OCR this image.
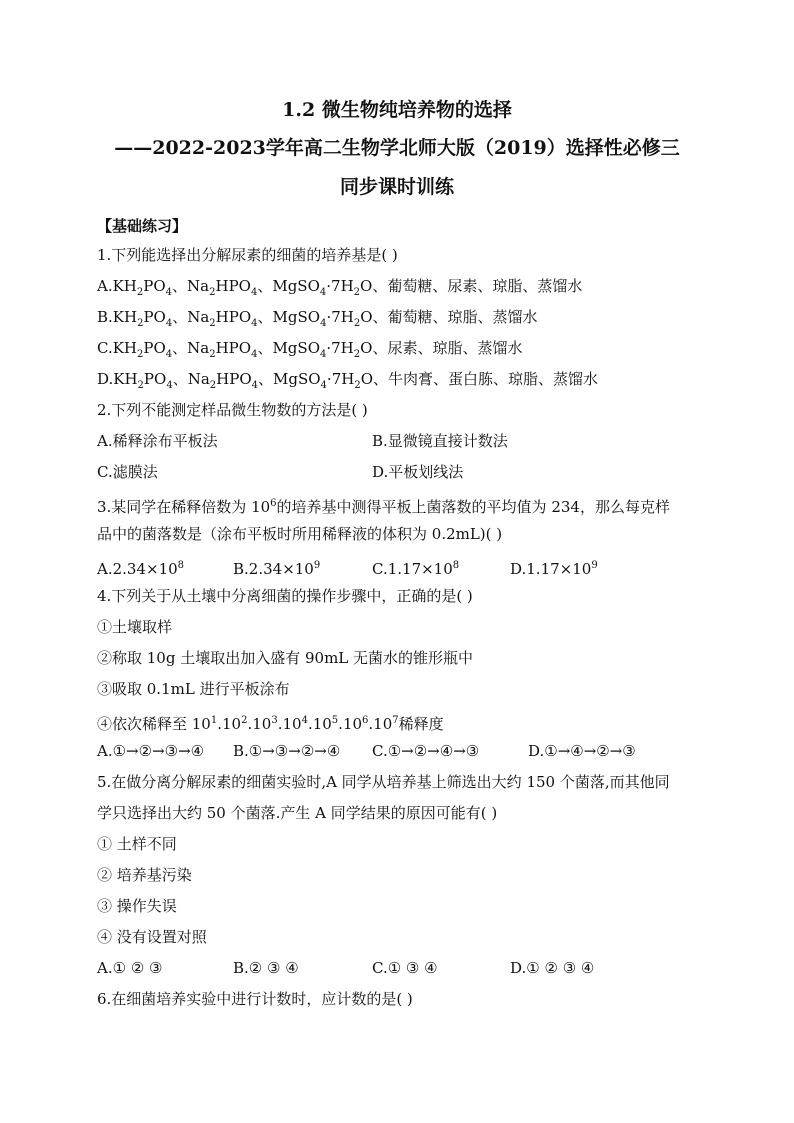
1.2 微生物纯培养物的选择
——2022-2023学年高二生物学北师大版（2019）选择性必修三
同步课时训练
【基础练习】
1.下列能选择出分解尿素的细菌的培养基是( )
$A.KH_2PO_4$、$Na_2HPO_4$、$MgSO_4\cdot 7H_2O$、葡萄糖、尿素、琼脂、蒸馏水
$B.KH_2PO_4$、$Na_2HPO_4$、$MgSO_4\cdot 7H_2O$、葡萄糖、琼脂、蒸馏水
$C.KH_2PO_4$、$Na_2HPO_4$、$MgSO_4\cdot 7H_2O$、尿素、琼脂、蒸馏水
$D.KH_2PO_4$、$Na_2HPO_4$、$MgSO_4\cdot 7H_2O$、牛肉膏、蛋白胨、琼脂、蒸馏水
2.下列不能测定样品微生物数的方法是( )
A.稀释涂布平板法	B.显微镜直接计数法
C.滤膜法	D.平板划线法
3.某同学在稀释倍数为 $10^6$的培养基中测得平板上菌落数的平均值为 234，那么每克样
品中的菌落数是（涂布平板时所用稀释液的体积为 0.2mL)( )
$A.2.34\times 10^8$	$B.2.34\times 10^9$	$C.1.17\times 10^8$	$D.1.17\times 10^9$
4.下列关于从土壤中分离细菌的操作步骤中，正确的是( )
①土壤取样
②称取 10g 土壤取出加入盛有 90mL 无菌水的锥形瓶中
③吸取 0.1mL 进行平板涂布
④依次稀释至 $10^1.10^2.10^3.10^4.10^5.10^6.10^7$稀释度
A.①→②→③→④	B.①→③→②→④	C.①→②→④→③	D.①→④→②→③
5.在做分离分解尿素的细菌实验时,A 同学从培养基上筛选出大约 150 个菌落,而其他同
学只选择出大约 50 个菌落.产生 A 同学结果的原因可能有( )
① 土样不同
② 培养基污染
③ 操作失误
④ 没有设置对照
A.① ② ③	B.② ③ ④	C.① ③ ④	D.① ② ③ ④
6.在细菌培养实验中进行计数时，应计数的是( )
